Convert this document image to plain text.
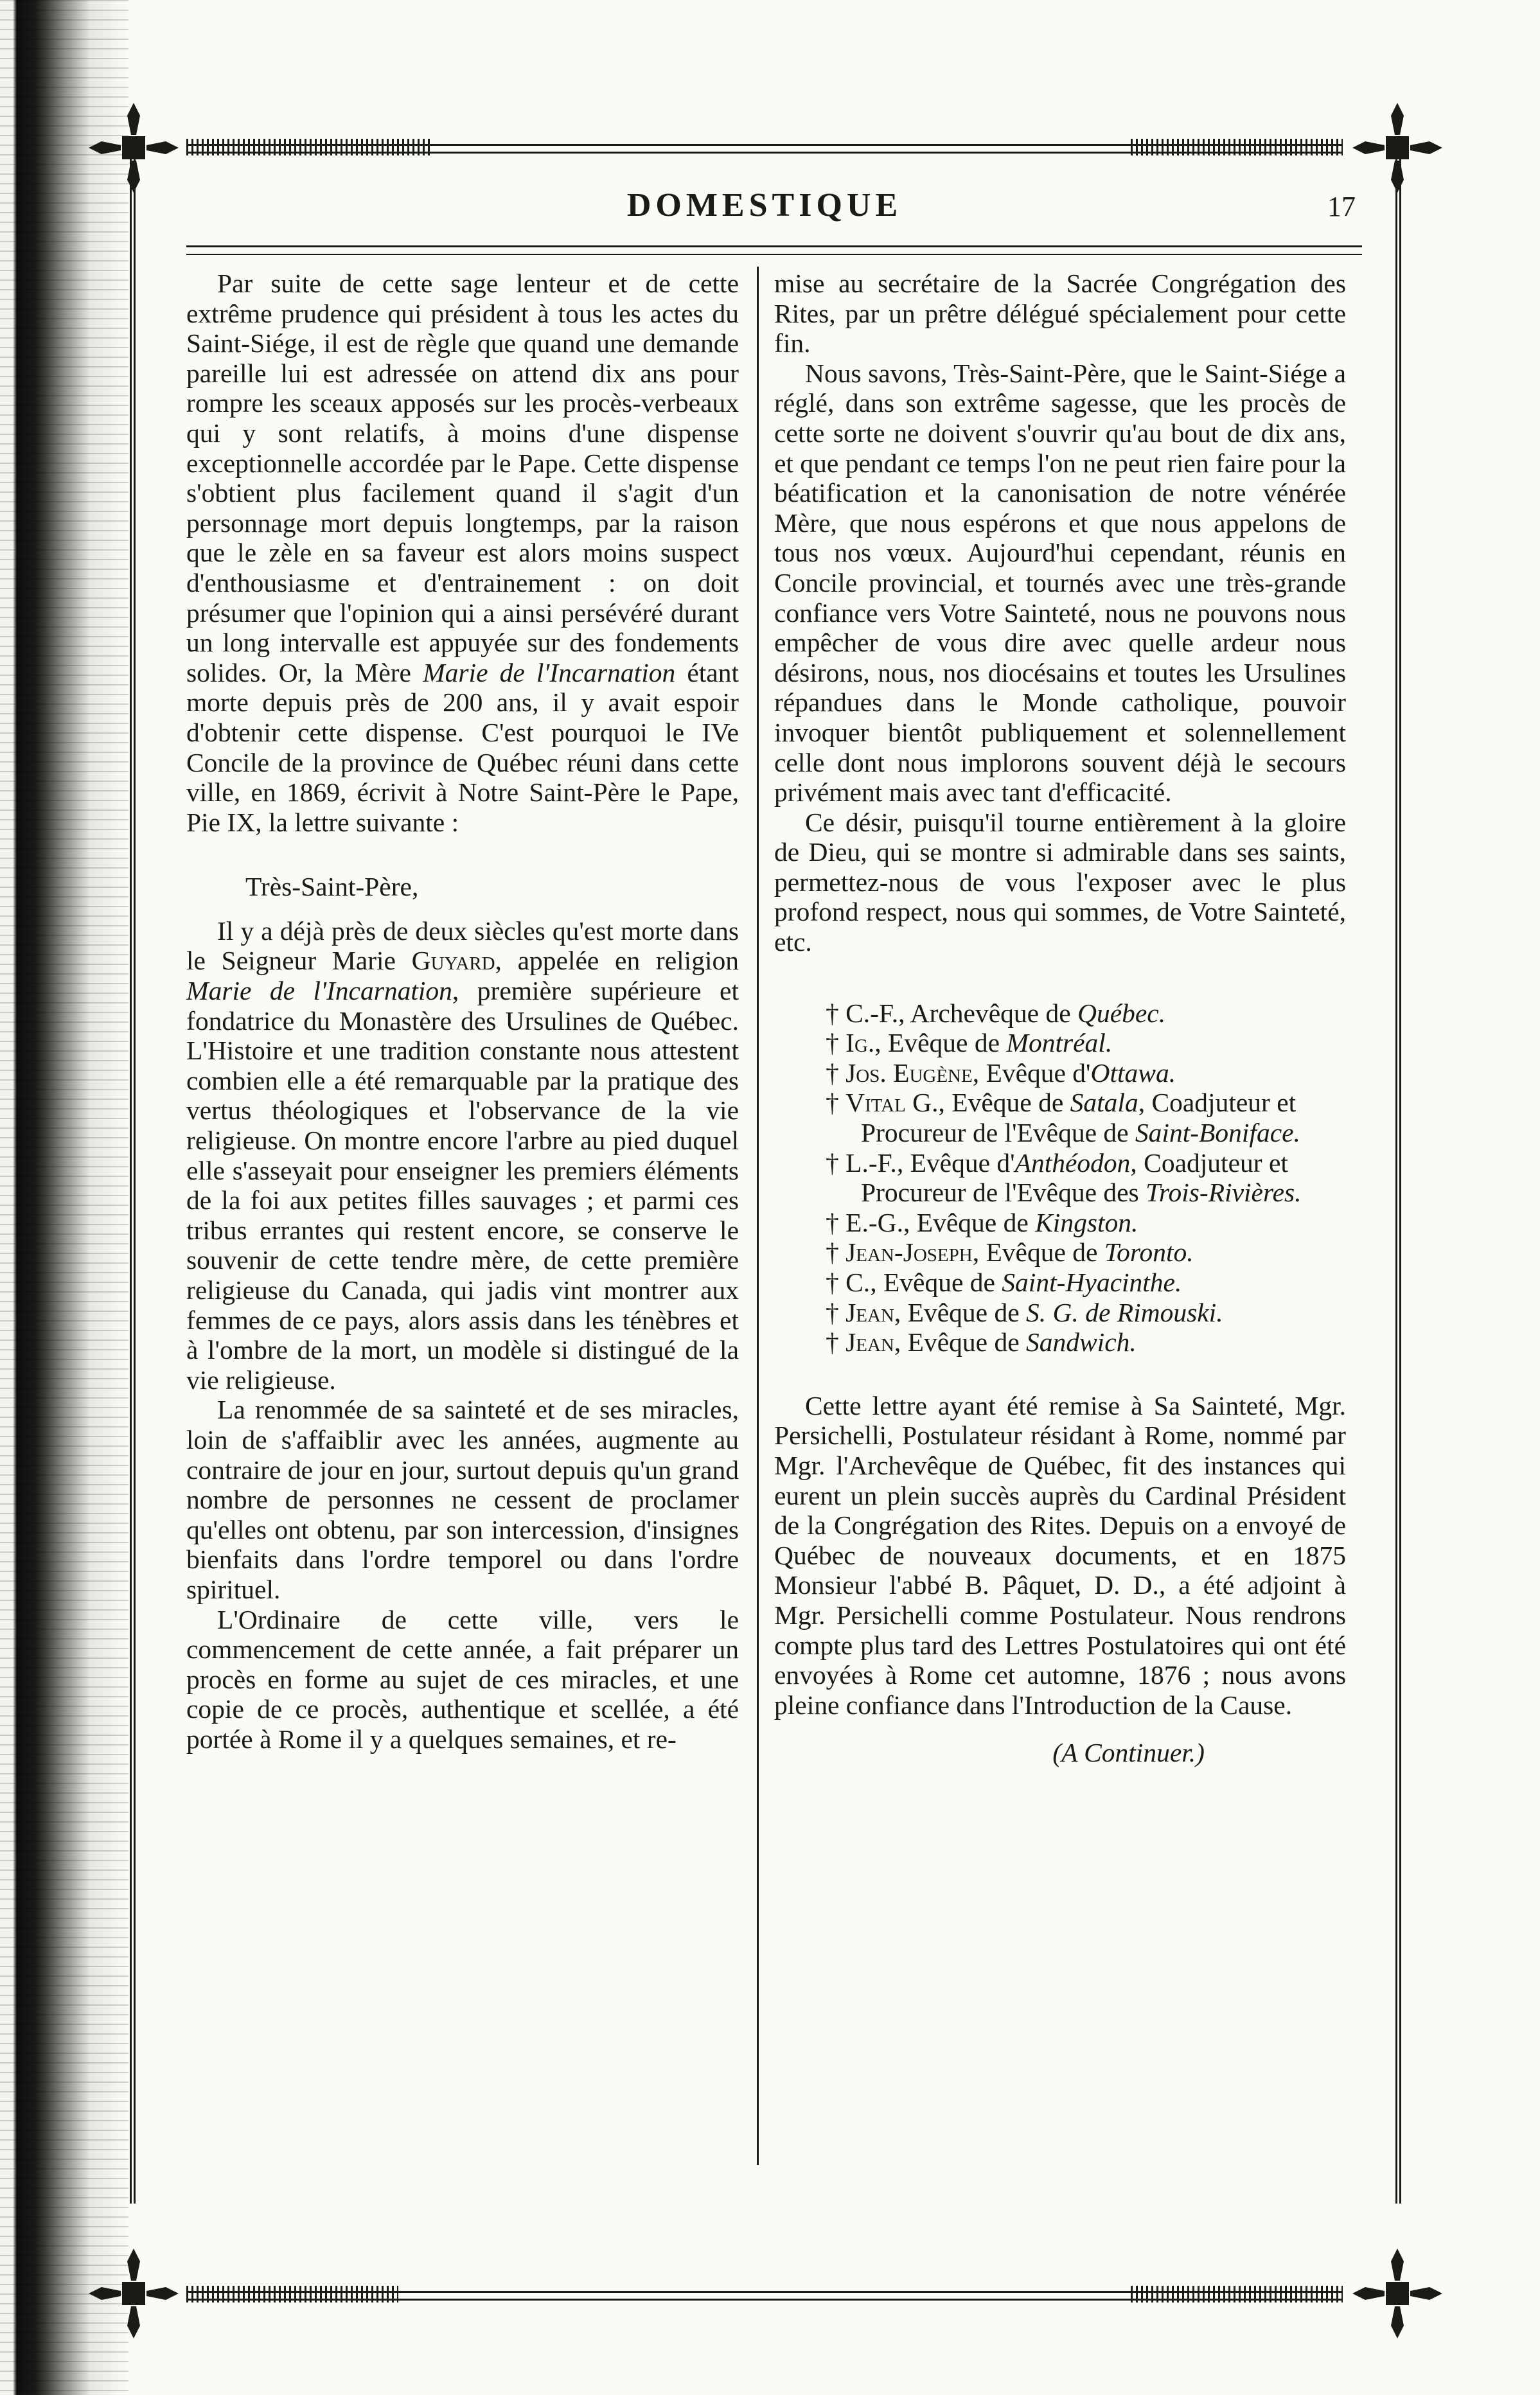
DOMESTIQUE	17

Par suite de cette sage lenteur et de cette extrême prudence qui président à tous les actes du Saint-Siége, il est de règle que quand une demande pareille lui est adressée on attend dix ans pour rompre les sceaux apposés sur les procès-verbeaux qui y sont relatifs, à moins d'une dispense exceptionnelle accordée par le Pape. Cette dispense s'obtient plus facilement quand il s'agit d'un personnage mort depuis longtemps, par la raison que le zèle en sa faveur est alors moins suspect d'enthousiasme et d'entrainement : on doit présumer que l'opinion qui a ainsi persévéré durant un long intervalle est appuyée sur des fondements solides. Or, la Mère Marie de l'Incarnation étant morte depuis près de 200 ans, il y avait espoir d'obtenir cette dispense. C'est pourquoi le IVe Concile de la province de Québec réuni dans cette ville, en 1869, écrivit à Notre Saint-Père le Pape, Pie IX, la lettre suivante :

Très-Saint-Père,

Il y a déjà près de deux siècles qu'est morte dans le Seigneur Marie Guyard, appelée en religion Marie de l'Incarnation, première supérieure et fondatrice du Monastère des Ursulines de Québec. L'Histoire et une tradition constante nous attestent combien elle a été remarquable par la pratique des vertus théologiques et l'observance de la vie religieuse. On montre encore l'arbre au pied duquel elle s'asseyait pour enseigner les premiers éléments de la foi aux petites filles sauvages ; et parmi ces tribus errantes qui restent encore, se conserve le souvenir de cette tendre mère, de cette première religieuse du Canada, qui jadis vint montrer aux femmes de ce pays, alors assis dans les ténèbres et à l'ombre de la mort, un modèle si distingué de la vie religieuse.

La renommée de sa sainteté et de ses miracles, loin de s'affaiblir avec les années, augmente au contraire de jour en jour, surtout depuis qu'un grand nombre de personnes ne cessent de proclamer qu'elles ont obtenu, par son intercession, d'insignes bienfaits dans l'ordre temporel ou dans l'ordre spirituel.

L'Ordinaire de cette ville, vers le commencement de cette année, a fait préparer un procès en forme au sujet de ces miracles, et une copie de ce procès, authentique et scellée, a été portée à Rome il y a quelques semaines, et re-

mise au secrétaire de la Sacrée Congrégation des Rites, par un prêtre délégué spécialement pour cette fin.

Nous savons, Très-Saint-Père, que le Saint-Siége a réglé, dans son extrême sagesse, que les procès de cette sorte ne doivent s'ouvrir qu'au bout de dix ans, et que pendant ce temps l'on ne peut rien faire pour la béatification et la canonisation de notre vénérée Mère, que nous espérons et que nous appelons de tous nos vœux. Aujourd'hui cependant, réunis en Concile provincial, et tournés avec une très-grande confiance vers Votre Sainteté, nous ne pouvons nous empêcher de vous dire avec quelle ardeur nous désirons, nous, nos diocésains et toutes les Ursulines répandues dans le Monde catholique, pouvoir invoquer bientôt publiquement et solennellement celle dont nous implorons souvent déjà le secours privément mais avec tant d'efficacité.

Ce désir, puisqu'il tourne entièrement à la gloire de Dieu, qui se montre si admirable dans ses saints, permettez-nous de vous l'exposer avec le plus profond respect, nous qui sommes, de Votre Sainteté, etc.

† C.-F., Archevêque de Québec.
† Ig., Evêque de Montréal.
† Jos. Eugène, Evêque d'Ottawa.
† Vital G., Evêque de Satala, Coadjuteur et Procureur de l'Evêque de Saint-Boniface.
† L.-F., Evêque d'Anthéodon, Coadjuteur et Procureur de l'Evêque des Trois-Rivières.
† E.-G., Evêque de Kingston.
† Jean-Joseph, Evêque de Toronto.
† C., Evêque de Saint-Hyacinthe.
† Jean, Evêque de S. G. de Rimouski.
† Jean, Evêque de Sandwich.

Cette lettre ayant été remise à Sa Sainteté, Mgr. Persichelli, Postulateur résidant à Rome, nommé par Mgr. l'Archevêque de Québec, fit des instances qui eurent un plein succès auprès du Cardinal Président de la Congrégation des Rites. Depuis on a envoyé de Québec de nouveaux documents, et en 1875 Monsieur l'abbé B. Pâquet, D. D., a été adjoint à Mgr. Persichelli comme Postulateur. Nous rendrons compte plus tard des Lettres Postulatoires qui ont été envoyées à Rome cet automne, 1876 ; nous avons pleine confiance dans l'Introduction de la Cause.

(A Continuer.)
